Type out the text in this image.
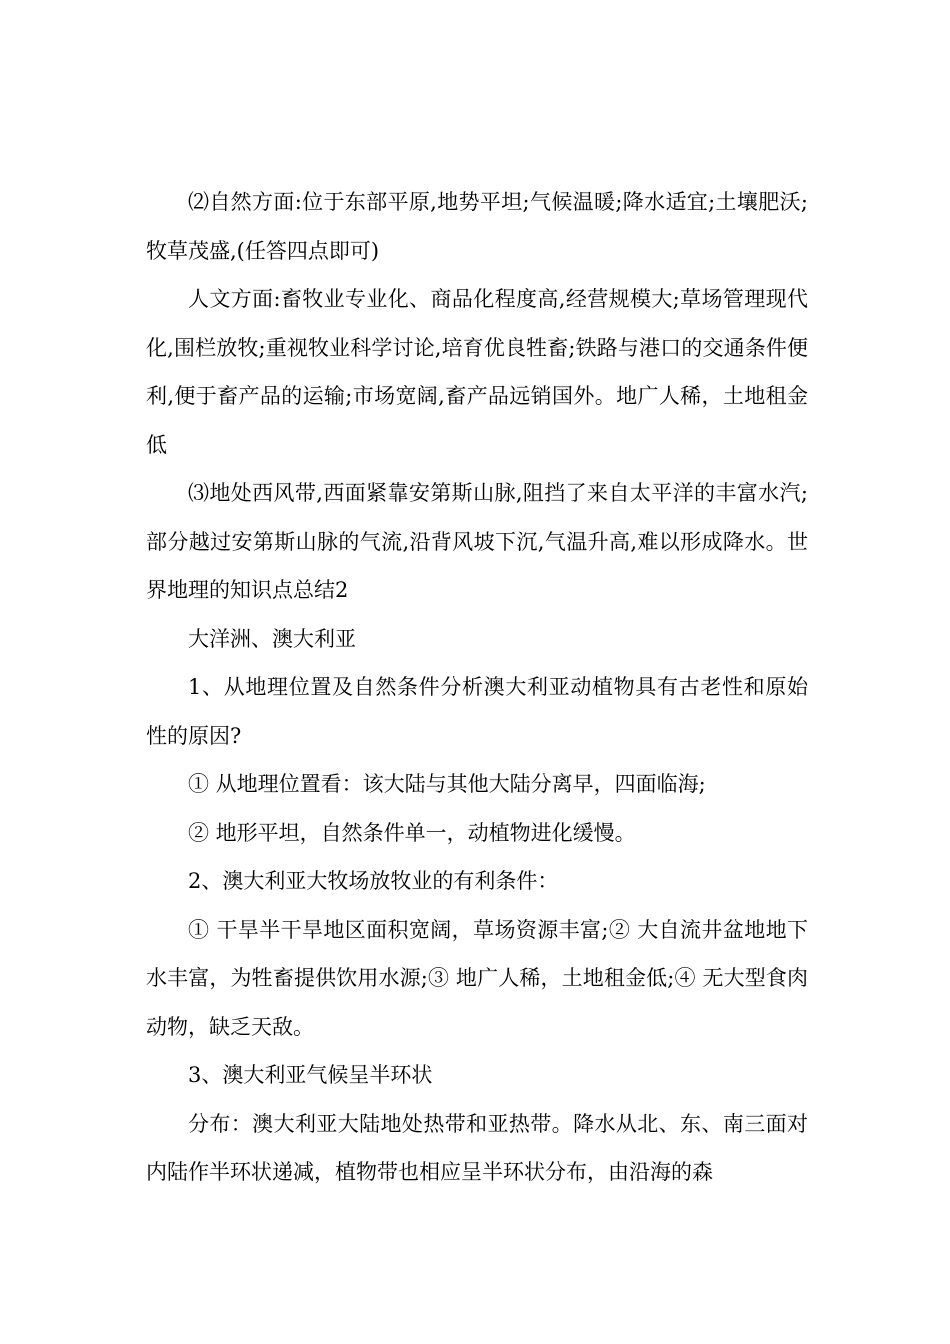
⑵自然方面:位于东部平原,地势平坦;气候温暖;降水适宜;土壤肥沃;牧草茂盛,(任答四点即可)

人文方面:畜牧业专业化、商品化程度高,经营规模大;草场管理现代化,围栏放牧;重视牧业科学讨论,培育优良牲畜;铁路与港口的交通条件便利,便于畜产品的运输;市场宽阔,畜产品远销国外。地广人稀，土地租金低

⑶地处西风带,西面紧靠安第斯山脉,阻挡了来自太平洋的丰富水汽;部分越过安第斯山脉的气流,沿背风坡下沉,气温升高,难以形成降水。世界地理的知识点总结2

大洋洲、澳大利亚

1、从地理位置及自然条件分析澳大利亚动植物具有古老性和原始性的原因?

① 从地理位置看：该大陆与其他大陆分离早，四面临海;

② 地形平坦，自然条件单一，动植物进化缓慢。

2、澳大利亚大牧场放牧业的有利条件：

① 干旱半干旱地区面积宽阔，草场资源丰富;② 大自流井盆地地下水丰富，为牲畜提供饮用水源;③ 地广人稀，土地租金低;④ 无大型食肉动物，缺乏天敌。

3、澳大利亚气候呈半环状

分布：澳大利亚大陆地处热带和亚热带。降水从北、东、南三面对内陆作半环状递减，植物带也相应呈半环状分布，由沿海的森
